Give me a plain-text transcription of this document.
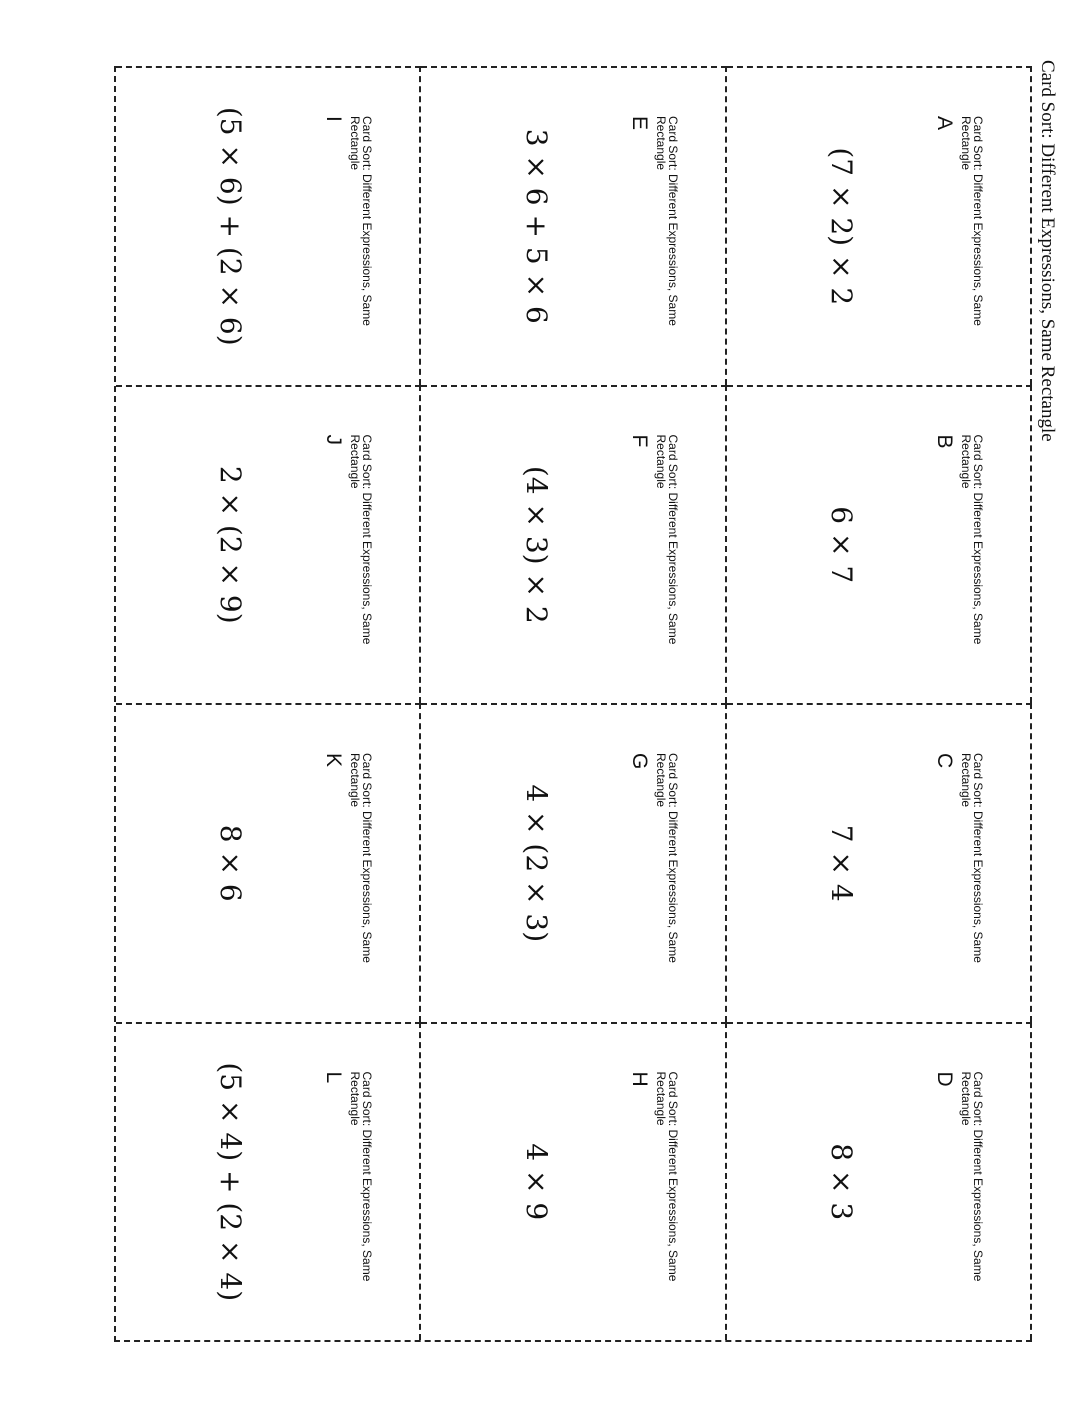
Card Sort: Different Expressions, Same Rectangle
Card Sort: Different Expressions, Same Rectangle
A
(7 × 2) × 2
Card Sort: Different Expressions, Same Rectangle
B
6 × 7
Card Sort: Different Expressions, Same Rectangle
C
7 × 4
Card Sort: Different Expressions, Same Rectangle
D
8 × 3
Card Sort: Different Expressions, Same Rectangle
E
3 × 6 + 5 × 6
Card Sort: Different Expressions, Same Rectangle
F
(4 × 3) × 2
Card Sort: Different Expressions, Same Rectangle
G
4 × (2 × 3)
Card Sort: Different Expressions, Same Rectangle
H
4 × 9
Card Sort: Different Expressions, Same Rectangle
I
(5 × 6) + (2 × 6)
Card Sort: Different Expressions, Same Rectangle
J
2 × (2 × 9)
Card Sort: Different Expressions, Same Rectangle
K
8 × 6
Card Sort: Different Expressions, Same Rectangle
L
(5 × 4) + (2 × 4)
